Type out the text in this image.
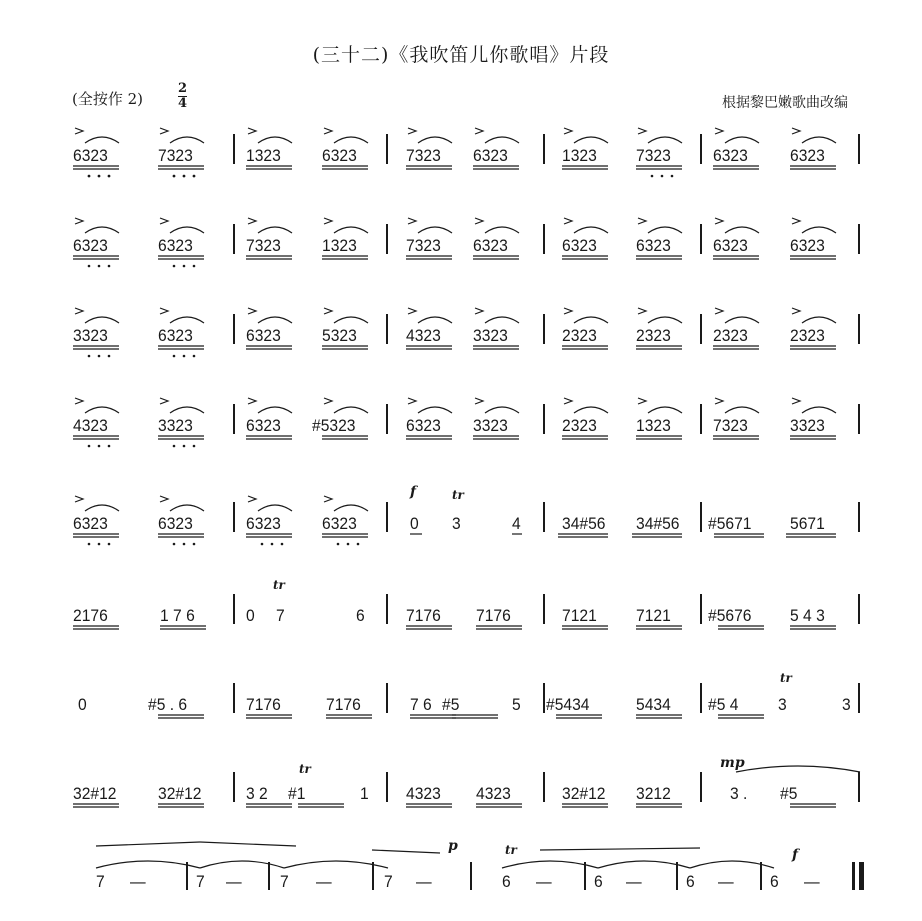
(三十二)《我吹笛儿你歌唱》片段
(全按作 2)
2
4	根据黎巴嫩歌曲改编
f
mp
p
f
tr
tr
tr
tr
tr
6323	7323	1323 6323	7323 6323	1323 7323 6323 6323
6323	6323	7323 1323	7323 6323	6323 6323 6323 6323
3323	6323	6323 5323	4323 3323	2323 2323 2323 2323
4323	3323	6323 #5323	6323 3323	2323 1323 7323 3323
6323	6323	6323 6323	0 3	4 34#56 34#56 #5671 5671
2176	1 7 6	0 7	6 7176 7176	7121 7121 #5676 5 4 3
0	#5 . 6	7176	7176	7 6 #5	5 #5434	5434 #5 4 3	3
32#12 32#12	3 2 #1	1 4323 4323	32#12 3212	3 . #5
7 —	7 — 7 —	7 —	6 — 6 —	6 — 6 —
